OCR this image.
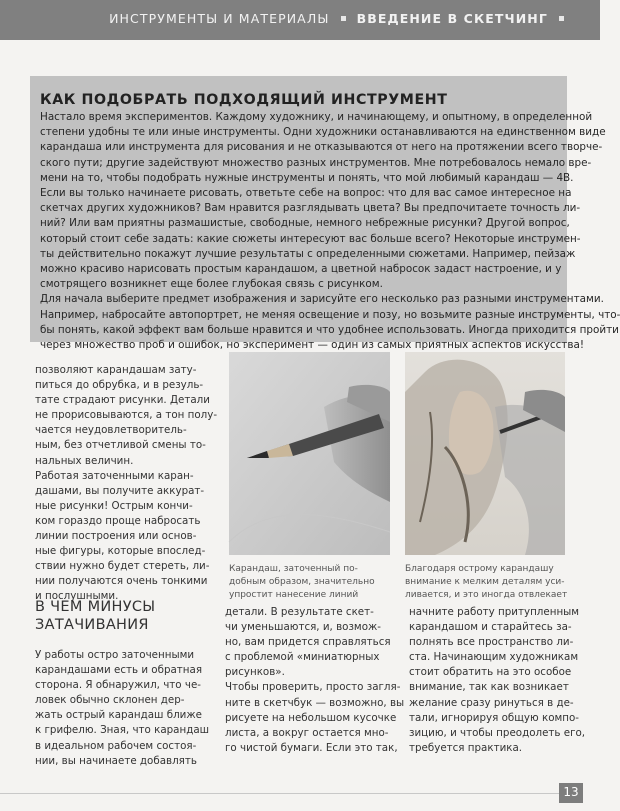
ИНСТРУМЕНТЫ И МАТЕРИАЛЫ ВВЕДЕНИЕ В СКЕТЧИНГ
КАК ПОДОБРАТЬ ПОДХОДЯЩИЙ ИНСТРУМЕНТ
Настало время экспериментов. Каждому художнику, и начинающему, и опытному, в определенной
степени удобны те или иные инструменты. Одни художники останавливаются на единственном виде
карандаша или инструмента для рисования и не отказываются от него на протяжении всего творче-
ского пути; другие задействуют множество разных инструментов. Мне потребовалось немало вре-
мени на то, чтобы подобрать нужные инструменты и понять, что мой любимый карандаш — 4B.
Если вы только начинаете рисовать, ответьте себе на вопрос: что для вас самое интересное на
скетчах других художников? Вам нравится разглядывать цвета? Вы предпочитаете точность ли-
ний? Или вам приятны размашистые, свободные, немного небрежные рисунки? Другой вопрос,
который стоит себе задать: какие сюжеты интересуют вас больше всего? Некоторые инструмен-
ты действительно покажут лучшие результаты с определенными сюжетами. Например, пейзаж
можно красиво нарисовать простым карандашом, а цветной набросок задаст настроение, и у
смотрящего возникнет еще более глубокая связь с рисунком.
Для начала выберите предмет изображения и зарисуйте его несколько раз разными инструментами.
Например, набросайте автопортрет, не меняя освещение и позу, но возьмите разные инструменты, что-
бы понять, какой эффект вам больше нравится и что удобнее использовать. Иногда приходится пройти
через множество проб и ошибок, но эксперимент — один из самых приятных аспектов искусства!
позволяют карандашам зату-
питься до обрубка, и в резуль-
тате страдают рисунки. Детали
не прорисовываются, а тон полу-
чается неудовлетворитель-
ным, без отчетливой смены то-
нальных величин.
Работая заточенными каран-
дашами, вы получите аккурат-
ные рисунки! Острым кончи-
ком гораздо проще набросать
линии построения или основ-
ные фигуры, которые впослед-
ствии нужно будет стереть, ли-
нии получаются очень тонкими
и послушными.
Карандаш, заточенный по-
добным образом, значительно
упростит нанесение линий
Благодаря острому карандашу
внимание к мелким деталям уси-
ливается, и это иногда отвлекает
В ЧЕМ МИНУСЫ
ЗАТАЧИВАНИЯ
У работы остро заточенными
карандашами есть и обратная
сторона. Я обнаружил, что че-
ловек обычно склонен дер-
жать острый карандаш ближе
к грифелю. Зная, что карандаш
в идеальном рабочем состоя-
нии, вы начинаете добавлять
детали. В результате скет-
чи уменьшаются, и, возмож-
но, вам придется справляться
с проблемой «миниатюрных
рисунков».
Чтобы проверить, просто загля-
ните в скетчбук — возможно, вы
рисуете на небольшом кусочке
листа, а вокруг остается мно-
го чистой бумаги. Если это так,
начните работу притупленным
карандашом и старайтесь за-
полнять все пространство ли-
ста. Начинающим художникам
стоит обратить на это особое
внимание, так как возникает
желание сразу ринуться в де-
тали, игнорируя общую компо-
зицию, и чтобы преодолеть его,
требуется практика.
13
